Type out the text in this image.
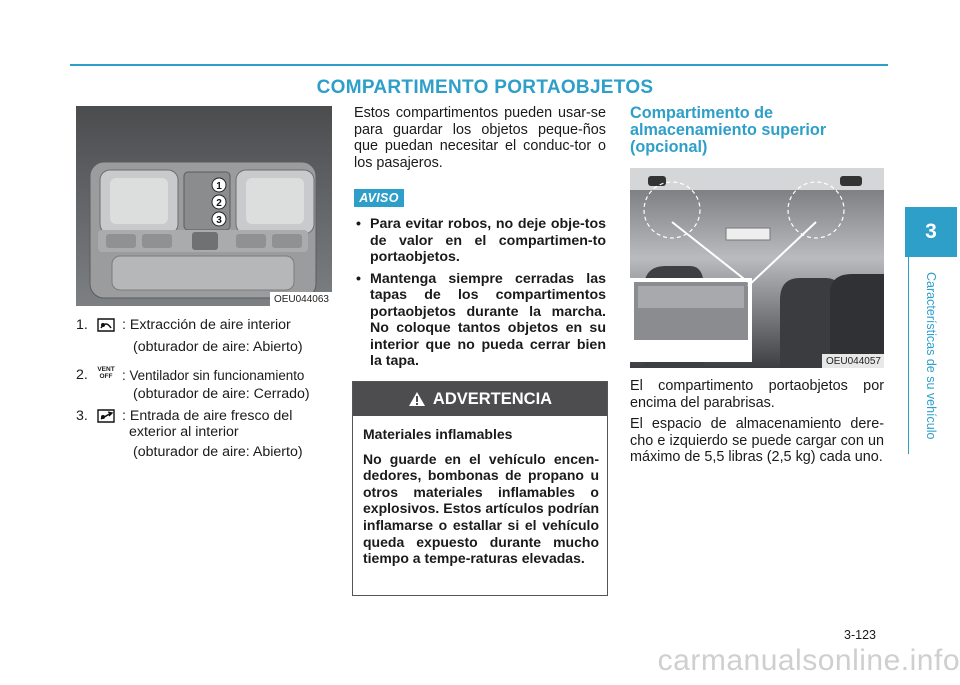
COMPARTIMENTO PORTAOBJETOS
3
Características de su vehículo
1
2
3
OEU044063
1. : Extracción de aire interior
(obturador de aire: Abierto)
2.	VENT
OFF : Ventilador sin funcionamiento
(obturador de aire: Cerrado)
3. : Entrada de aire fresco del
exterior al interior
(obturador de aire: Abierto)
Estos compartimentos pueden usar-se para guardar los objetos peque-ños que puedan necesitar el conduc-tor o los pasajeros.
AVISO
• Para evitar robos, no deje obje-tos de valor en el compartimen-to portaobjetos.
• Mantenga siempre cerradas las tapas de los compartimentos portaobjetos durante la marcha. No coloque tantos objetos en su interior que no pueda cerrar bien la tapa.
ADVERTENCIA

Materiales inflamables

No guarde en el vehículo encen-dedores, bombonas de propano u otros materiales inflamables o explosivos. Estos artículos podrían inflamarse o estallar si el vehículo queda expuesto durante mucho tiempo a tempe-raturas elevadas.

Compartimento de almacenamiento superior (opcional)
OEU044057
El compartimento portaobjetos por encima del parabrisas.
El espacio de almacenamiento dere-cho e izquierdo se puede cargar con un máximo de 5,5 libras (2,5 kg) cada uno.
3-123
carmanualsonline.info
